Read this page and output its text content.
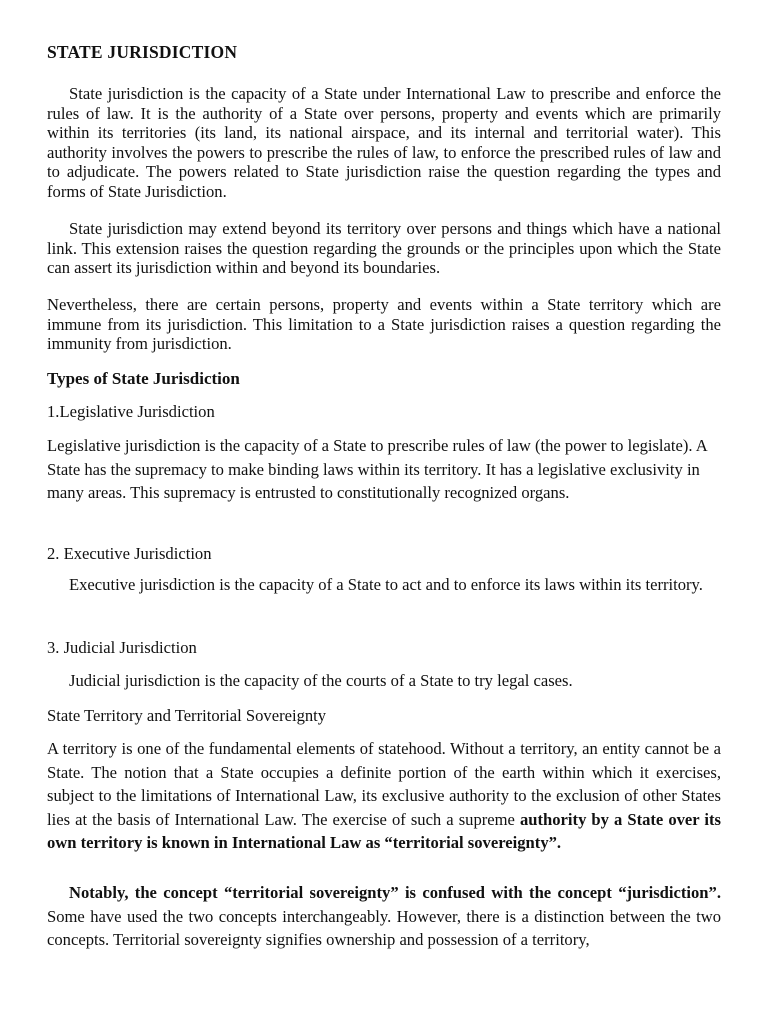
STATE JURISDICTION

State jurisdiction is the capacity of a State under International Law to prescribe and enforce the rules of law. It is the authority of a State over persons, property and events which are primarily within its territories (its land, its national airspace, and its internal and territorial water). This authority involves the powers to prescribe the rules of law, to enforce the prescribed rules of law and to adjudicate. The powers related to State jurisdiction raise the question regarding the types and forms of State Jurisdiction.

State jurisdiction may extend beyond its territory over persons and things which have a national link. This extension raises the question regarding the grounds or the principles upon which the State can assert its jurisdiction within and beyond its boundaries.

Nevertheless, there are certain persons, property and events within a State territory which are immune from its jurisdiction. This limitation to a State jurisdiction raises a question regarding the immunity from jurisdiction.

Types of State Jurisdiction

1.Legislative Jurisdiction

Legislative jurisdiction is the capacity of a State to prescribe rules of law (the power to legislate). A State has the supremacy to make binding laws within its territory. It has a legislative exclusivity in many areas. This supremacy is entrusted to constitutionally recognized organs.

2. Executive Jurisdiction

Executive jurisdiction is the capacity of a State to act and to enforce its laws within its territory.

3. Judicial Jurisdiction

Judicial jurisdiction is the capacity of the courts of a State to try legal cases.

State Territory and Territorial Sovereignty

A territory is one of the fundamental elements of statehood. Without a territory, an entity cannot be a State. The notion that a State occupies a definite portion of the earth within which it exercises, subject to the limitations of International Law, its exclusive authority to the exclusion of other States lies at the basis of International Law. The exercise of such a supreme authority by a State over its own territory is known in International Law as “territorial sovereignty”.

Notably, the concept “territorial sovereignty” is confused with the concept “jurisdiction”. Some have used the two concepts interchangeably. However, there is a distinction between the two concepts. Territorial sovereignty signifies ownership and possession of a territory,
